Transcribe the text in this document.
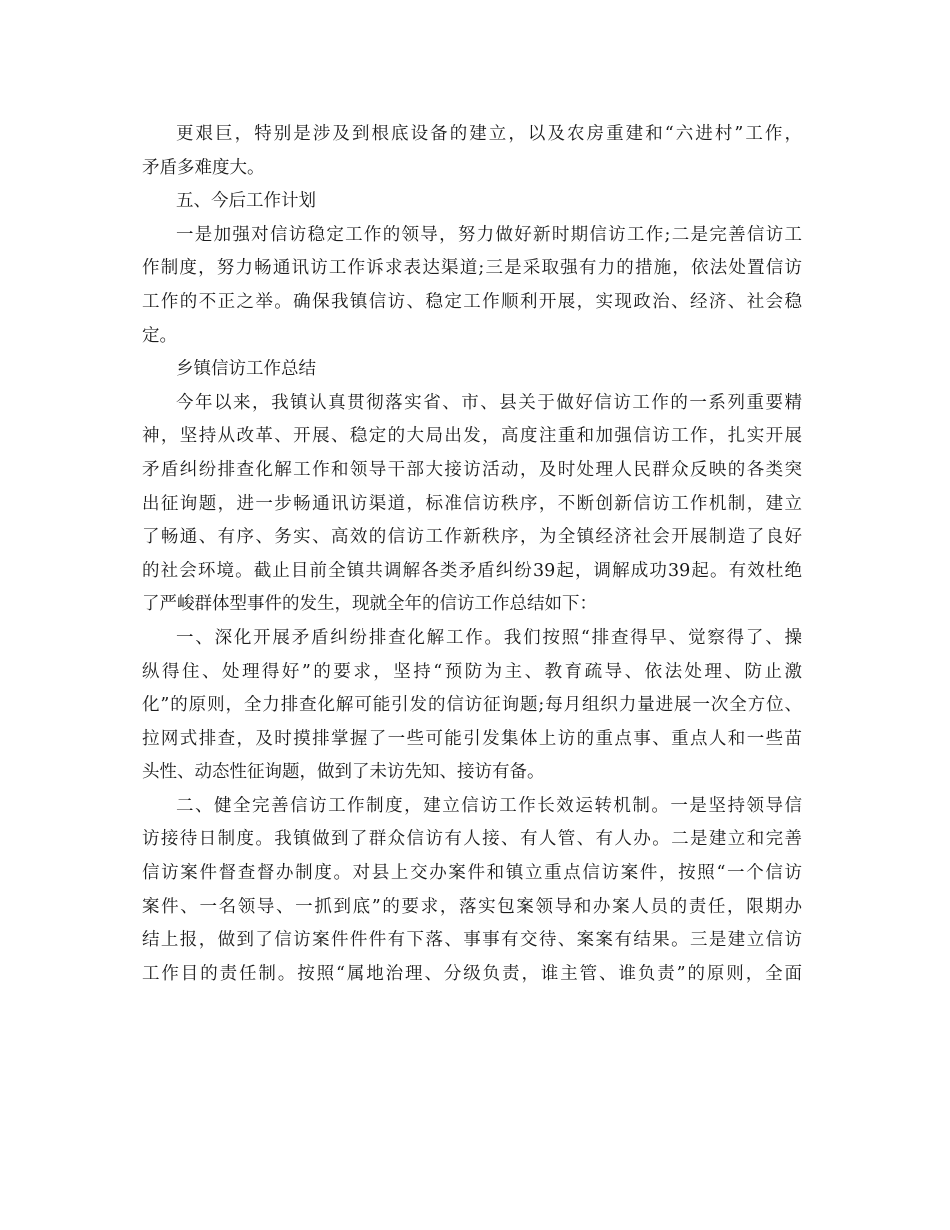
更艰巨，特别是涉及到根底设备的建立，以及农房重建和“六进村”工作，
矛盾多难度大。
五、今后工作计划
一是加强对信访稳定工作的领导，努力做好新时期信访工作;二是完善信访工
作制度，努力畅通讯访工作诉求表达渠道;三是采取强有力的措施，依法处置信访
工作的不正之举。确保我镇信访、稳定工作顺利开展，实现政治、经济、社会稳
定。
乡镇信访工作总结
今年以来，我镇认真贯彻落实省、市、县关于做好信访工作的一系列重要精
神，坚持从改革、开展、稳定的大局出发，高度注重和加强信访工作，扎实开展
矛盾纠纷排查化解工作和领导干部大接访活动，及时处理人民群众反映的各类突
出征询题，进一步畅通讯访渠道，标准信访秩序，不断创新信访工作机制，建立
了畅通、有序、务实、高效的信访工作新秩序，为全镇经济社会开展制造了良好
的社会环境。截止目前全镇共调解各类矛盾纠纷39起，调解成功39起。有效杜绝
了严峻群体型事件的发生，现就全年的信访工作总结如下：
一、深化开展矛盾纠纷排查化解工作。我们按照“排查得早、觉察得了、操
纵得住、处理得好”的要求，坚持“预防为主、教育疏导、依法处理、防止激
化”的原则，全力排查化解可能引发的信访征询题;每月组织力量进展一次全方位、
拉网式排查，及时摸排掌握了一些可能引发集体上访的重点事、重点人和一些苗
头性、动态性征询题，做到了未访先知、接访有备。
二、健全完善信访工作制度，建立信访工作长效运转机制。一是坚持领导信
访接待日制度。我镇做到了群众信访有人接、有人管、有人办。二是建立和完善
信访案件督查督办制度。对县上交办案件和镇立重点信访案件，按照“一个信访
案件、一名领导、一抓到底”的要求，落实包案领导和办案人员的责任，限期办
结上报，做到了信访案件件件有下落、事事有交待、案案有结果。三是建立信访
工作目的责任制。按照“属地治理、分级负责，谁主管、谁负责”的原则，全面
